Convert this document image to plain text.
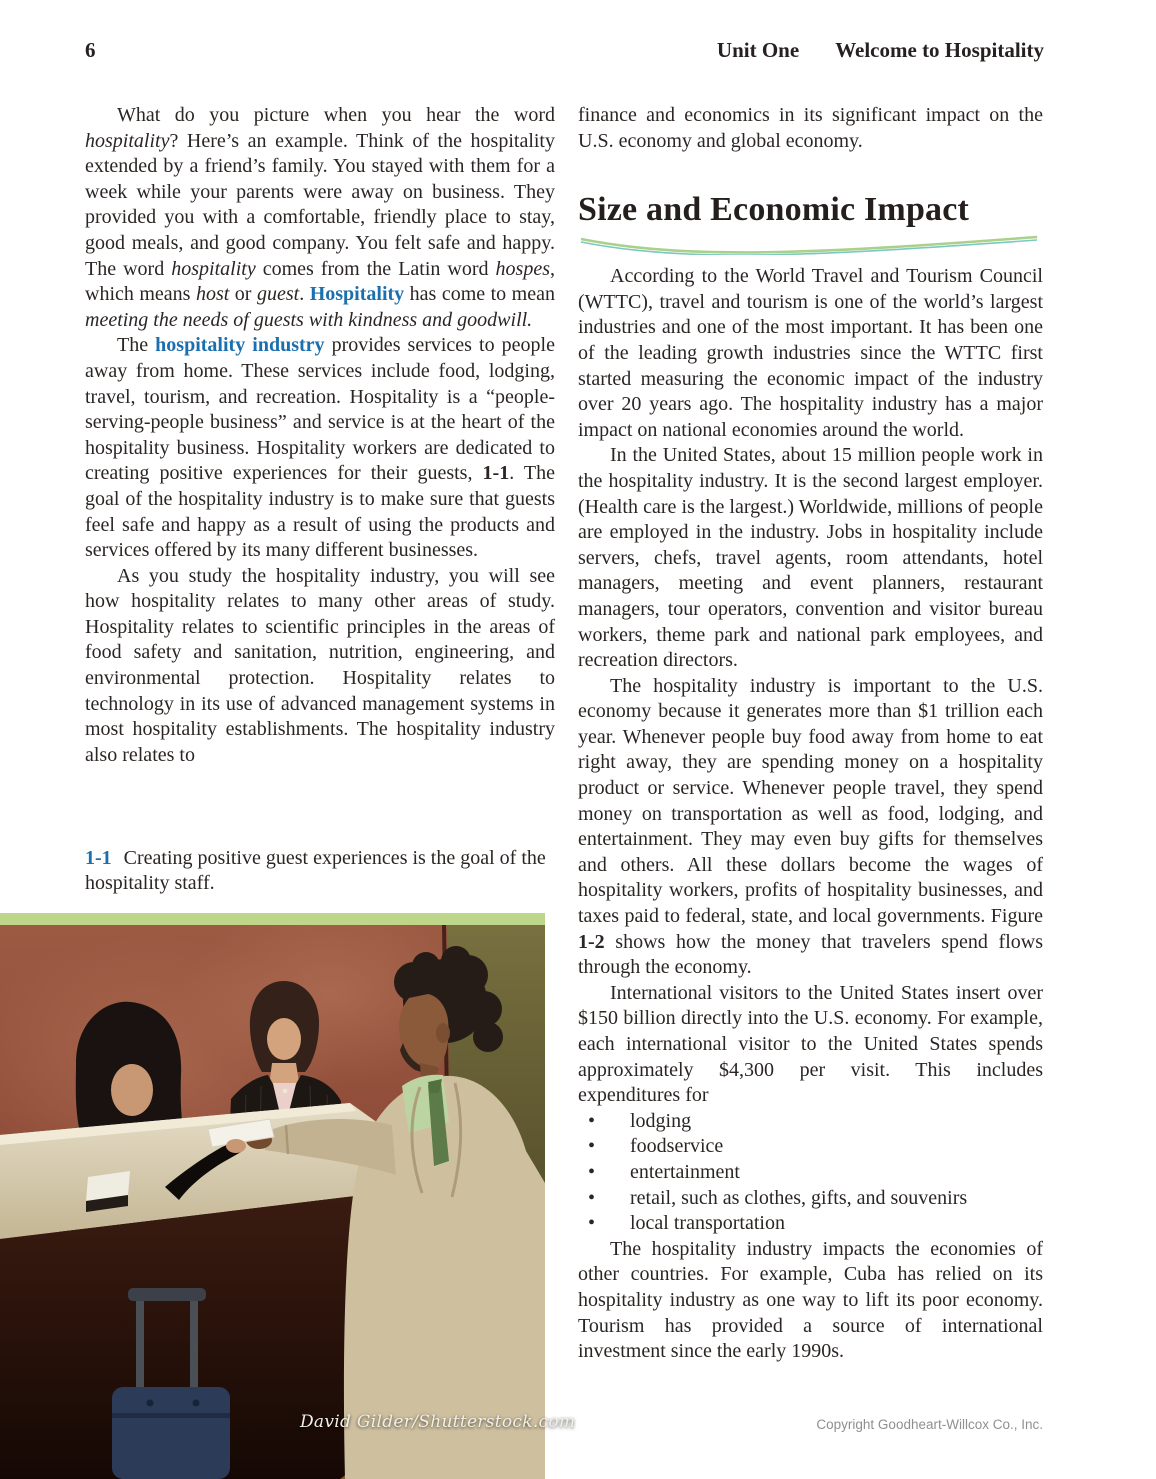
6	Unit One Welcome to Hospitality

What do you picture when you hear the word hospitality? Here’s an example. Think of the hospitality extended by a friend’s family. You stayed with them for a week while your parents were away on business. They provided you with a comfortable, friendly place to stay, good meals, and good company. You felt safe and happy. The word hospitality comes from the Latin word hospes, which means host or guest. Hospitality has come to mean meeting the needs of guests with kindness and goodwill.

The hospitality industry provides services to people away from home. These services include food, lodging, travel, tourism, and recreation. Hospitality is a “people-serving-people business” and service is at the heart of the hospitality business. Hospitality workers are dedicated to creating positive experiences for their guests, 1-1. The goal of the hospitality industry is to make sure that guests feel safe and happy as a result of using the products and services offered by its many different businesses.

As you study the hospitality industry, you will see how hospitality relates to many other areas of study. Hospitality relates to scientific principles in the areas of food safety and sanitation, nutrition, engineering, and environmental protection. Hospitality relates to technology in its use of advanced management systems in most hospitality establishments. The hospitality industry also relates to

1-1 Creating positive guest experiences is the goal of the hospitality staff.

David Gilder/Shutterstock.com

finance and economics in its significant impact on the U.S. economy and global economy.

Size and Economic Impact

According to the World Travel and Tourism Council (WTTC), travel and tourism is one of the world’s largest industries and one of the most important. It has been one of the leading growth industries since the WTTC first started measuring the economic impact of the industry over 20 years ago. The hospitality industry has a major impact on national economies around the world.

In the United States, about 15 million people work in the hospitality industry. It is the second largest employer. (Health care is the largest.) Worldwide, millions of people are employed in the industry. Jobs in hospitality include servers, chefs, travel agents, room attendants, hotel managers, meeting and event planners, restaurant managers, tour operators, convention and visitor bureau workers, theme park and national park employees, and recreation directors.

The hospitality industry is important to the U.S. economy because it generates more than $1 trillion each year. Whenever people buy food away from home to eat right away, they are spending money on a hospitality product or service. Whenever people travel, they spend money on transportation as well as food, lodging, and entertainment. They may even buy gifts for themselves and others. All these dollars become the wages of hospitality workers, profits of hospitality businesses, and taxes paid to federal, state, and local governments. Figure 1-2 shows how the money that travelers spend flows through the economy.

International visitors to the United States insert over $150 billion directly into the U.S. economy. For example, each international visitor to the United States spends approximately $4,300 per visit. This includes expenditures for

• lodging
• foodservice
• entertainment
• retail, such as clothes, gifts, and souvenirs
• local transportation

The hospitality industry impacts the economies of other countries. For example, Cuba has relied on its hospitality industry as one way to lift its poor economy. Tourism has provided a source of international investment since the early 1990s.

Copyright Goodheart-Willcox Co., Inc.
